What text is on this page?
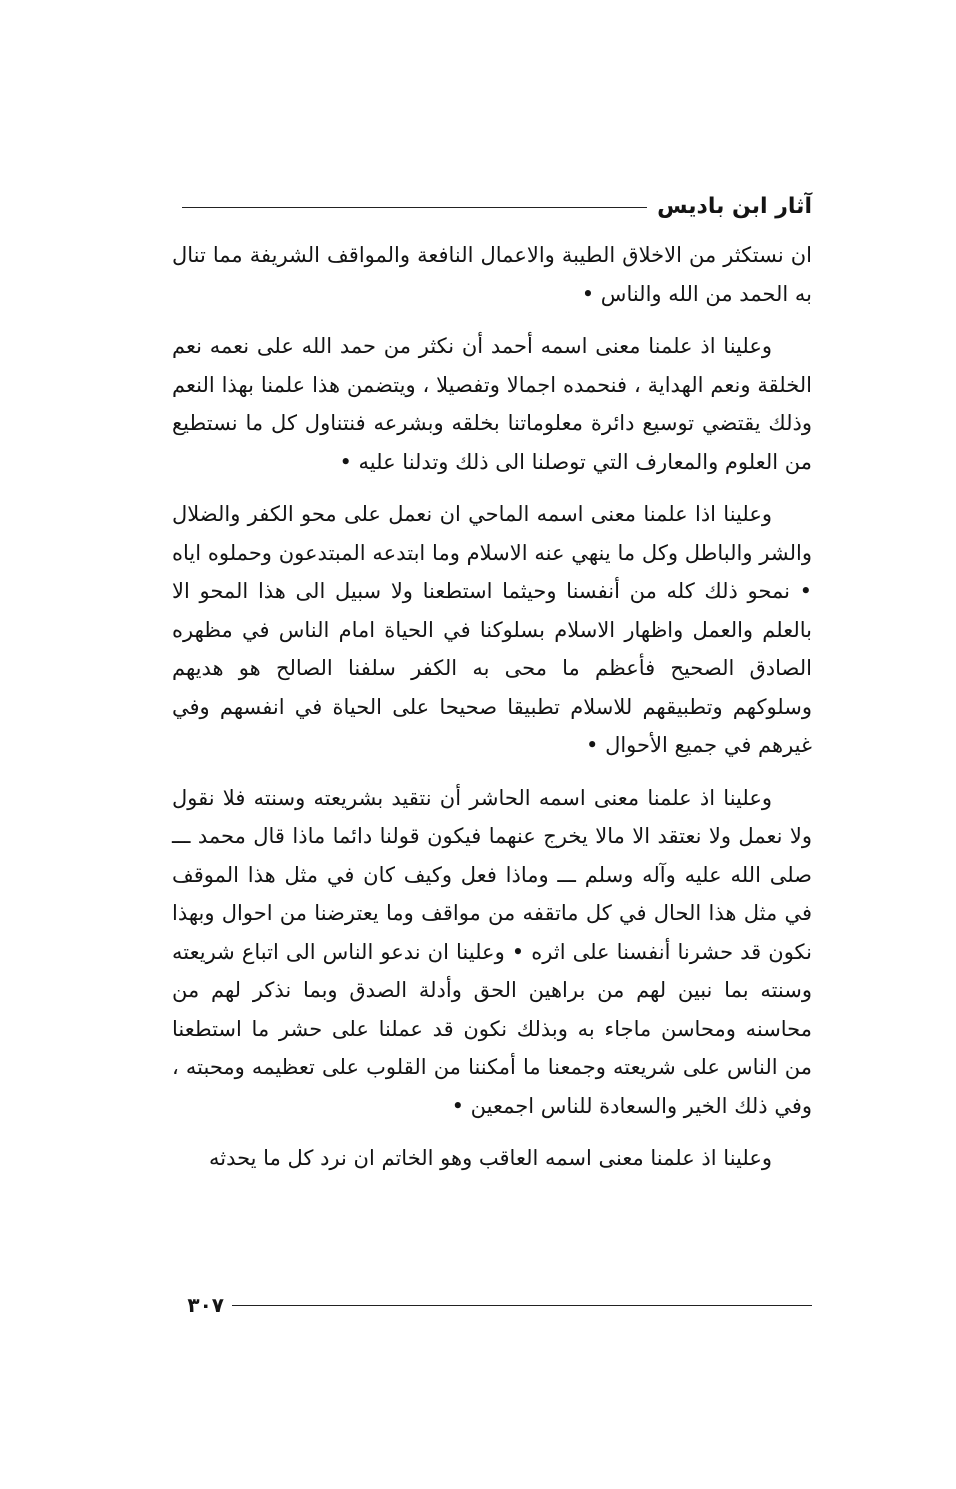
آثار ابن باديس

ان نستكثر من الاخلاق الطيبة والاعمال النافعة والمواقف الشريفة مما تنال به الحمد من الله والناس •

وعلينا اذ علمنا معنى اسمه أحمد أن نكثر من حمد الله على نعمه نعم الخلقة ونعم الهداية ، فنحمده اجمالا وتفصيلا ، ويتضمن هذا علمنا بهذا النعم وذلك يقتضي توسيع دائرة معلوماتنا بخلقه وبشرعه فنتناول كل ما نستطيع من العلوم والمعارف التي توصلنا الى ذلك وتدلنا عليه •

وعلينا اذا علمنا معنى اسمه الماحي ان نعمل على محو الكفر والضلال والشر والباطل وكل ما ينهي عنه الاسلام وما ابتدعه المبتدعون وحملوه اياه • نمحو ذلك كله من أنفسنا وحيثما استطعنا ولا سبيل الى هذا المحو الا بالعلم والعمل واظهار الاسلام بسلوكنا في الحياة امام الناس في مظهره الصادق الصحيح فأعظم ما محى به الكفر سلفنا الصالح هو هديهم وسلوكهم وتطبيقهم للاسلام تطبيقا صحيحا على الحياة في انفسهم وفي غيرهم في جميع الأحوال •

وعلينا اذ علمنا معنى اسمه الحاشر أن نتقيد بشريعته وسنته فلا نقول ولا نعمل ولا نعتقد الا مالا يخرج عنهما فيكون قولنا دائما ماذا قال محمد ـــ صلى الله عليه وآله وسلم ـــ وماذا فعل وكيف كان في مثل هذا الموقف في مثل هذا الحال في كل ماتقفه من مواقف وما يعترضنا من احوال وبهذا نكون قد حشرنا أنفسنا على اثره • وعلينا ان ندعو الناس الى اتباع شريعته وسنته بما نبين لهم من براهين الحق وأدلة الصدق وبما نذكر لهم من محاسنه ومحاسن ماجاء به وبذلك نكون قد عملنا على حشر ما استطعنا من الناس على شريعته وجمعنا ما أمكننا من القلوب على تعظيمه ومحبته ، وفي ذلك الخير والسعادة للناس اجمعين •

وعلينا اذ علمنا معنى اسمه العاقب وهو الخاتم ان نرد كل ما يحدثه

٣٠٧
